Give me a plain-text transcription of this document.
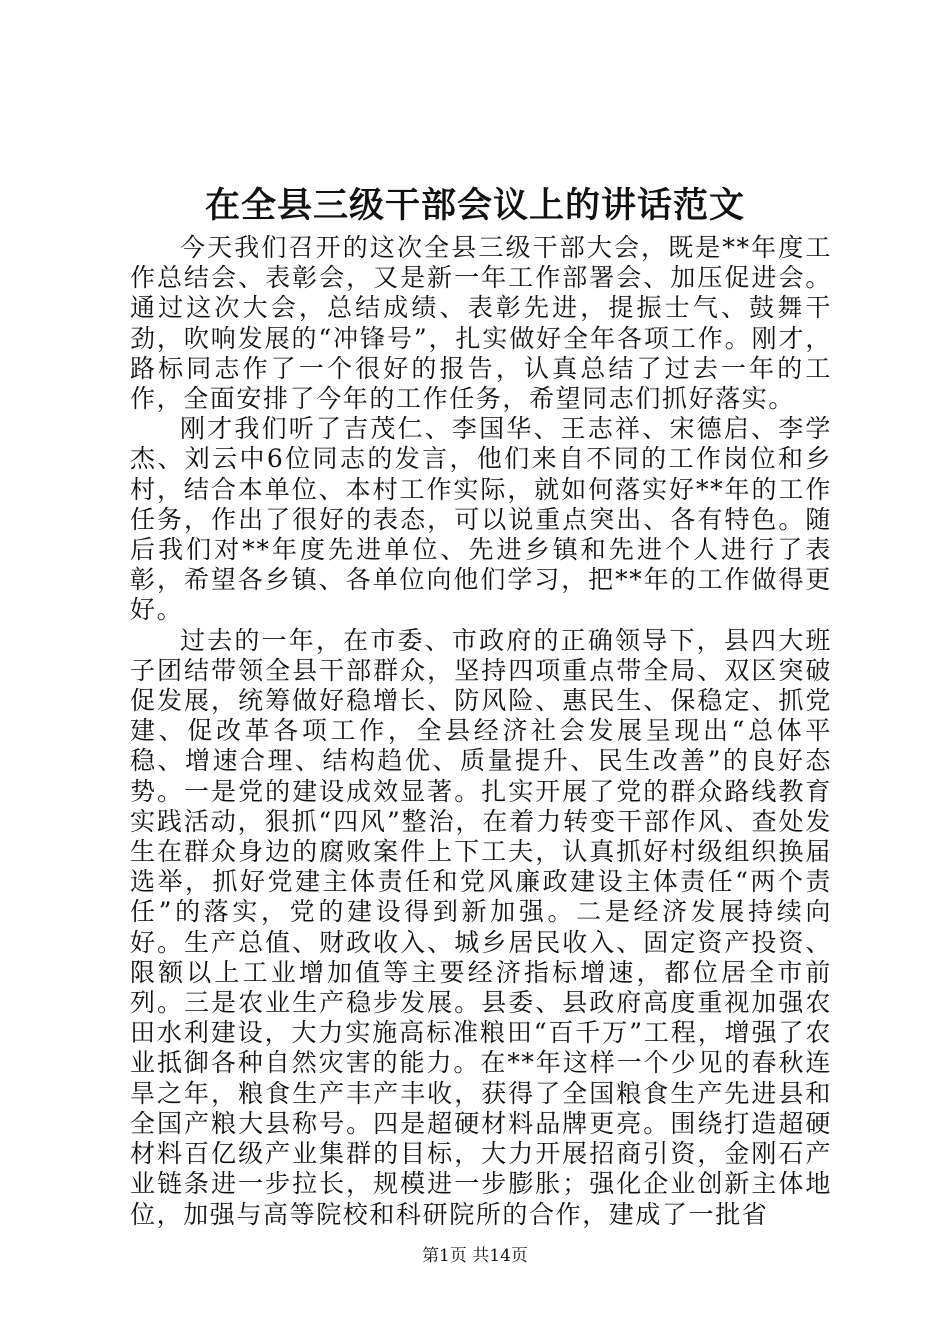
在全县三级干部会议上的讲话范文

今天我们召开的这次全县三级干部大会，既是**年度工作总结会、表彰会，又是新一年工作部署会、加压促进会。通过这次大会，总结成绩、表彰先进，提振士气、鼓舞干劲，吹响发展的“冲锋号”，扎实做好全年各项工作。刚才，路标同志作了一个很好的报告，认真总结了过去一年的工作，全面安排了今年的工作任务，希望同志们抓好落实。

刚才我们听了吉茂仁、李国华、王志祥、宋德启、李学杰、刘云中6位同志的发言，他们来自不同的工作岗位和乡村，结合本单位、本村工作实际，就如何落实好**年的工作任务，作出了很好的表态，可以说重点突出、各有特色。随后我们对**年度先进单位、先进乡镇和先进个人进行了表彰，希望各乡镇、各单位向他们学习，把**年的工作做得更好。

过去的一年，在市委、市政府的正确领导下，县四大班子团结带领全县干部群众，坚持四项重点带全局、双区突破促发展，统筹做好稳增长、防风险、惠民生、保稳定、抓党建、促改革各项工作，全县经济社会发展呈现出“总体平稳、增速合理、结构趋优、质量提升、民生改善”的良好态势。一是党的建设成效显著。扎实开展了党的群众路线教育实践活动，狠抓“四风”整治，在着力转变干部作风、查处发生在群众身边的腐败案件上下工夫，认真抓好村级组织换届选举，抓好党建主体责任和党风廉政建设主体责任“两个责任”的落实，党的建设得到新加强。二是经济发展持续向好。生产总值、财政收入、城乡居民收入、固定资产投资、限额以上工业增加值等主要经济指标增速，都位居全市前列。三是农业生产稳步发展。县委、县政府高度重视加强农田水利建设，大力实施高标准粮田“百千万”工程，增强了农业抵御各种自然灾害的能力。在**年这样一个少见的春秋连旱之年，粮食生产丰产丰收，获得了全国粮食生产先进县和全国产粮大县称号。四是超硬材料品牌更亮。围绕打造超硬材料百亿级产业集群的目标，大力开展招商引资，金刚石产业链条进一步拉长，规模进一步膨胀；强化企业创新主体地位，加强与高等院校和科研院所的合作，建成了一批省

第1页 共14页
